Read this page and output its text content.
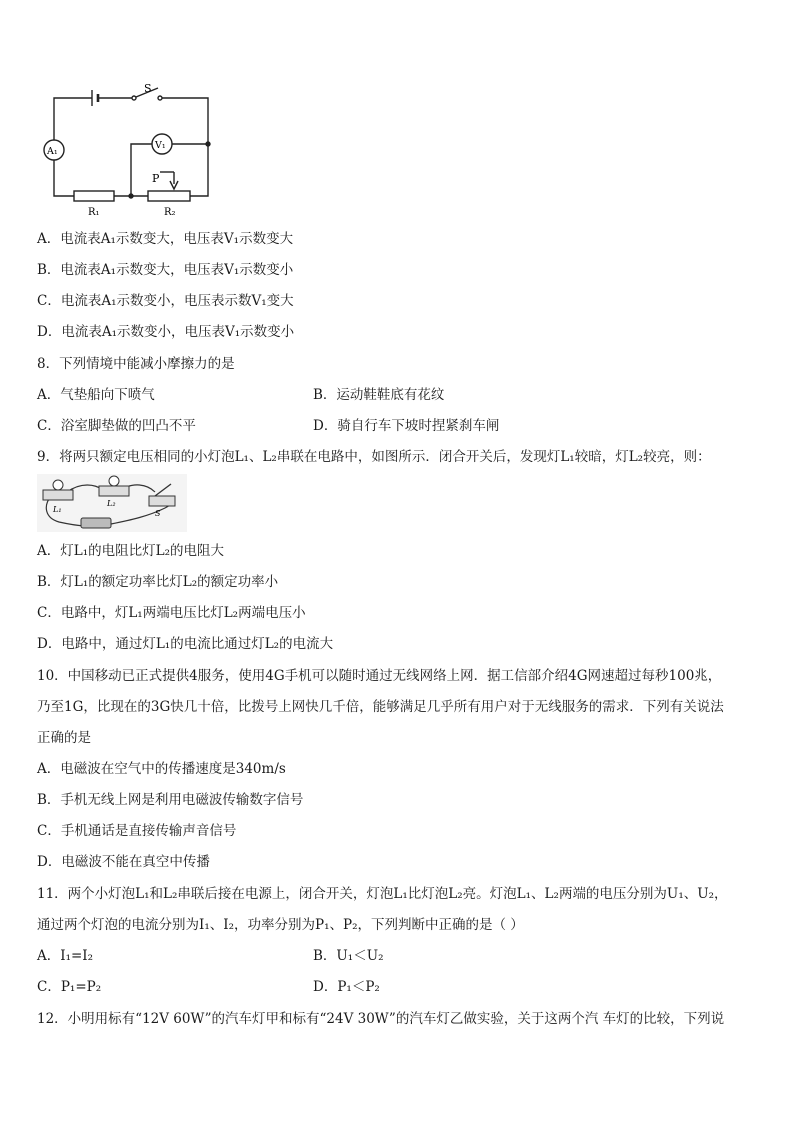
S
A₁
V₁
P
R₁	R₂
A．电流表A₁示数变大，电压表V₁示数变大
B．电流表A₁示数变大，电压表V₁示数变小
C．电流表A₁示数变小，电压表示数V₁变大
D．电流表A₁示数变小，电压表V₁示数变小
8．下列情境中能减小摩擦力的是
A．气垫船向下喷气	B．运动鞋鞋底有花纹
C．浴室脚垫做的凹凸不平	D．骑自行车下坡时捏紧刹车闸
9．将两只额定电压相同的小灯泡L₁、L₂串联在电路中，如图所示．闭合开关后，发现灯L₁较暗，灯L₂较亮，则：
L₁
L₂
S
A．灯L₁的电阻比灯L₂的电阻大
B．灯L₁的额定功率比灯L₂的额定功率小
C．电路中，灯L₁两端电压比灯L₂两端电压小
D．电路中，通过灯L₁的电流比通过灯L₂的电流大
10．中国移动已正式提供4服务，使用4G手机可以随时通过无线网络上网．据工信部介绍4G网速超过每秒100兆，
乃至1G，比现在的3G快几十倍，比拨号上网快几千倍，能够满足几乎所有用户对于无线服务的需求．下列有关说法
正确的是
A．电磁波在空气中的传播速度是340m/s
B．手机无线上网是利用电磁波传输数字信号
C．手机通话是直接传输声音信号
D．电磁波不能在真空中传播
11．两个小灯泡L₁和L₂串联后接在电源上，闭合开关，灯泡L₁比灯泡L₂亮。灯泡L₁、L₂两端的电压分别为U₁、U₂，
通过两个灯泡的电流分别为I₁、I₂，功率分别为P₁、P₂，下列判断中正确的是（ ）
A．I₁=I₂	B．U₁＜U₂
C．P₁=P₂	D．P₁＜P₂
12．小明用标有“12V 60W”的汽车灯甲和标有“24V 30W”的汽车灯乙做实验，关于这两个汽 车灯的比较，下列说
